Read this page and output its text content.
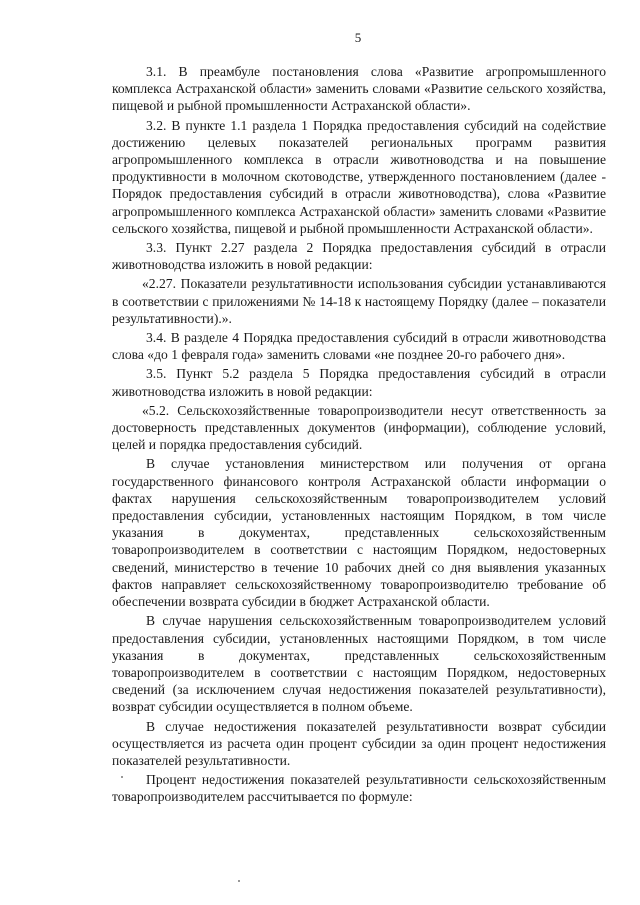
5

3.1. В преамбуле постановления слова «Развитие агропромышленного комплекса Астраханской области» заменить словами «Развитие сельского хозяйства, пищевой и рыбной промышленности Астраханской области».

3.2. В пункте 1.1 раздела 1 Порядка предоставления субсидий на содействие достижению целевых показателей региональных программ развития агропромышленного комплекса в отрасли животноводства и на повышение продуктивности в молочном скотоводстве, утвержденного постановлением (далее - Порядок предоставления субсидий в отрасли животноводства), слова «Развитие агропромышленного комплекса Астраханской области» заменить словами «Развитие сельского хозяйства, пищевой и рыбной промышленности Астраханской области».

3.3. Пункт 2.27 раздела 2 Порядка предоставления субсидий в отрасли животноводства изложить в новой редакции:

«2.27. Показатели результативности использования субсидии устанавливаются в соответствии с приложениями № 14-18 к настоящему Порядку (далее – показатели результативности).».

3.4. В разделе 4 Порядка предоставления субсидий в отрасли животноводства слова «до 1 февраля года» заменить словами «не позднее 20-го рабочего дня».

3.5. Пункт 5.2 раздела 5 Порядка предоставления субсидий в отрасли животноводства изложить в новой редакции:

«5.2. Сельскохозяйственные товаропроизводители несут ответственность за достоверность представленных документов (информации), соблюдение условий, целей и порядка предоставления субсидий.

В случае установления министерством или получения от органа государственного финансового контроля Астраханской области информации о фактах нарушения сельскохозяйственным товаропроизводителем условий предоставления субсидии, установленных настоящим Порядком, в том числе указания в документах, представленных сельскохозяйственным товаропроизводителем в соответствии с настоящим Порядком, недостоверных сведений, министерство в течение 10 рабочих дней со дня выявления указанных фактов направляет сельскохозяйственному товаропроизводителю требование об обеспечении возврата субсидии в бюджет Астраханской области.

В случае нарушения сельскохозяйственным товаропроизводителем условий предоставления субсидии, установленных настоящими Порядком, в том числе указания в документах, представленных сельскохозяйственным товаропроизводителем в соответствии с настоящим Порядком, недостоверных сведений (за исключением случая недостижения показателей результативности), возврат субсидии осуществляется в полном объеме.

В случае недостижения показателей результативности возврат субсидии осуществляется из расчета один процент субсидии за один процент недостижения показателей результативности.

Процент недостижения показателей результативности сельскохозяйственным товаропроизводителем рассчитывается по формуле:
